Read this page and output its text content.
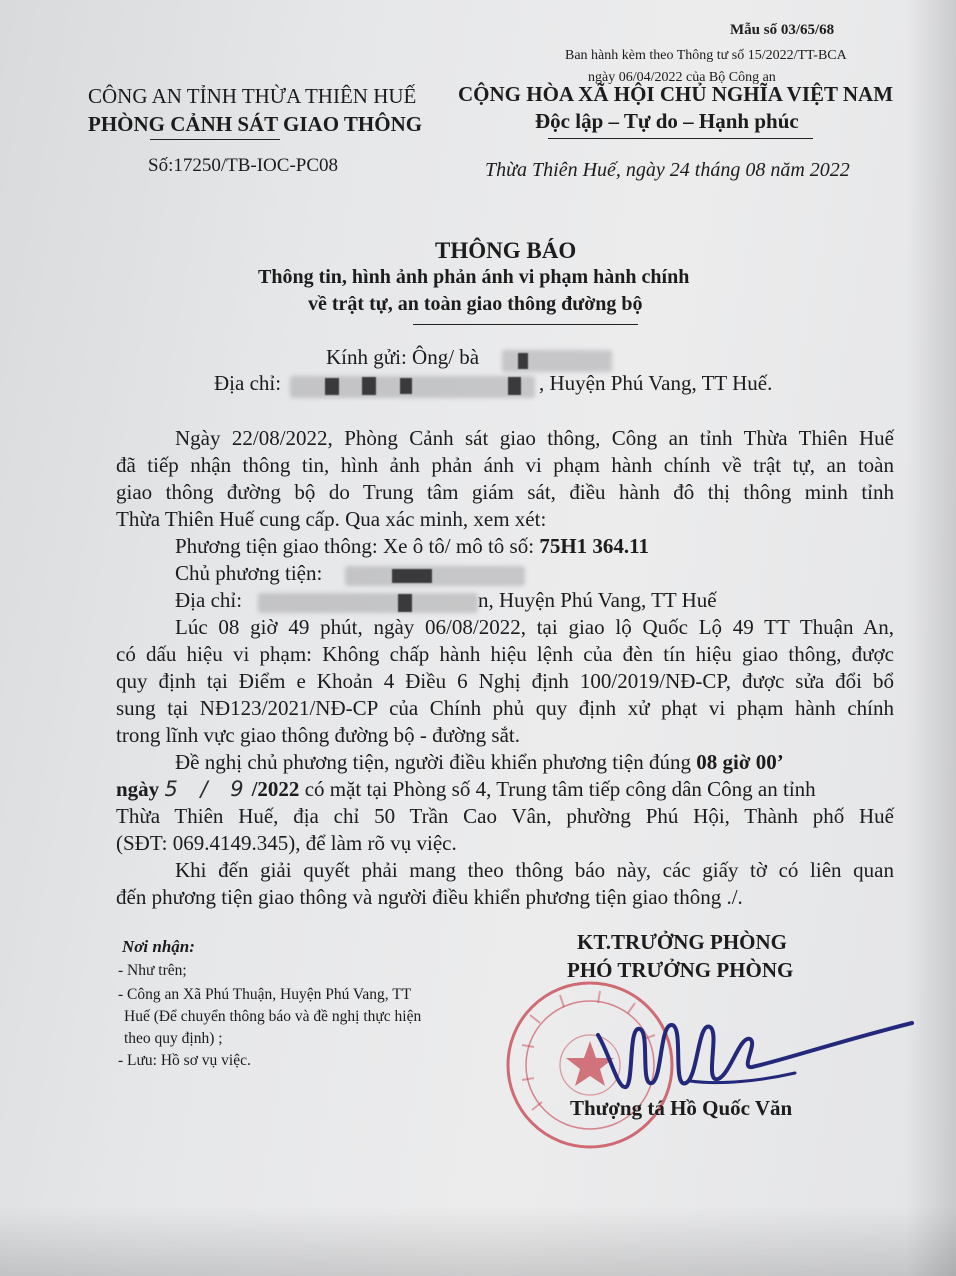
Mẫu số 03/65/68
Ban hành kèm theo Thông tư số 15/2022/TT-BCA
ngày 06/04/2022 của Bộ Công an
CÔNG AN TỈNH THỪA THIÊN HUẾ
PHÒNG CẢNH SÁT GIAO THÔNG
Số:17250/TB-IOC-PC08
CỘNG HÒA XÃ HỘI CHỦ NGHĨA VIỆT NAM
Độc lập – Tự do – Hạnh phúc
Thừa Thiên Huế, ngày 24 tháng 08 năm 2022
THÔNG BÁO
Thông tin, hình ảnh phản ánh vi phạm hành chính
về trật tự, an toàn giao thông đường bộ
Kính gửi: Ông/ bà
Địa chỉ:	, Huyện Phú Vang, TT Huế.
Ngày 22/08/2022, Phòng Cảnh sát giao thông, Công an tỉnh Thừa Thiên Huế
đã tiếp nhận thông tin, hình ảnh phản ánh vi phạm hành chính về trật tự, an toàn
giao thông đường bộ do Trung tâm giám sát, điều hành đô thị thông minh tỉnh
Thừa Thiên Huế cung cấp. Qua xác minh, xem xét:
Phương tiện giao thông: Xe ô tô/ mô tô số: 75H1 364.11
Chủ phương tiện:
Địa chỉ:	n, Huyện Phú Vang, TT Huế
Lúc 08 giờ 49 phút, ngày 06/08/2022, tại giao lộ Quốc Lộ 49 TT Thuận An,
có dấu hiệu vi phạm: Không chấp hành hiệu lệnh của đèn tín hiệu giao thông, được
quy định tại Điểm e Khoản 4 Điều 6 Nghị định 100/2019/NĐ-CP, được sửa đổi bổ
sung tại NĐ123/2021/NĐ-CP của Chính phủ quy định xử phạt vi phạm hành chính
trong lĩnh vực giao thông đường bộ - đường sắt.
Đề nghị chủ phương tiện, người điều khiển phương tiện đúng 08 giờ 00’
ngày 5 / 9/2022 có mặt tại Phòng số 4, Trung tâm tiếp công dân Công an tỉnh
Thừa Thiên Huế, địa chỉ 50 Trần Cao Vân, phường Phú Hội, Thành phố Huế
(SĐT: 069.4149.345), để làm rõ vụ việc.
Khi đến giải quyết phải mang theo thông báo này, các giấy tờ có liên quan
đến phương tiện giao thông và người điều khiển phương tiện giao thông ./.
Nơi nhận:
- Như trên;
- Công an Xã Phú Thuận, Huyện Phú Vang, TT
Huế (Để chuyển thông báo và đề nghị thực hiện
theo quy định) ;
- Lưu: Hồ sơ vụ việc.
KT.TRƯỞNG PHÒNG
PHÓ TRƯỞNG PHÒNG
Thượng tá Hồ Quốc Văn
